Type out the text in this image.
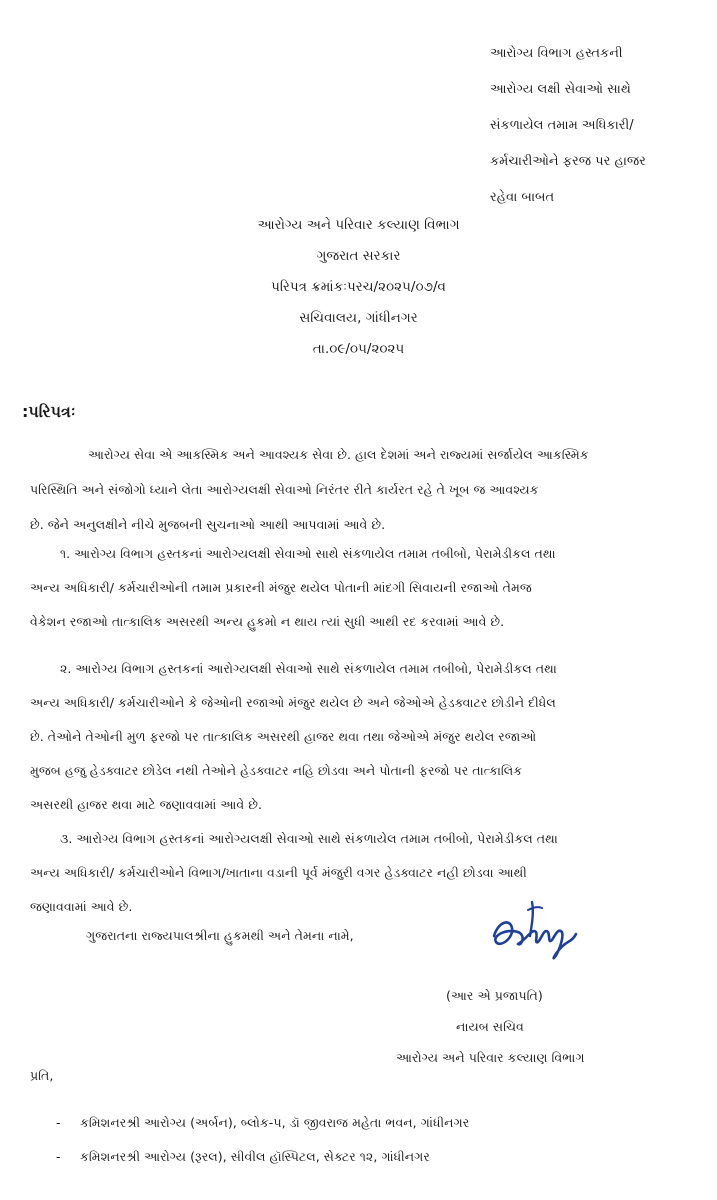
આરોગ્ય વિભાગ હસ્તકની
આરોગ્ય લક્ષી સેવાઓ સાથે
સંકળાયેલ તમામ અધિકારી/
કર્મચારીઓને ફરજ પર હાજર
રહેવા બાબત
આરોગ્ય અને પરિવાર કલ્યાણ વિભાગ
ગુજરાત સરકાર
પરિપત્ર ક્રમાંકઃપરચ/૨૦૨૫/૦૭/વ
સચિવાલય, ગાંધીનગર
તા.૦૯/૦૫/૨૦૨૫
:પરિપત્રઃ
આરોગ્ય સેવા એ આકસ્મિક અને આવશ્યક સેવા છે. હાલ દેશમાં અને રાજ્યમાં સર્જાયેલ આકસ્મિક
પરિસ્થિતિ અને સંજોગો ધ્યાને લેતા આરોગ્યલક્ષી સેવાઓ નિરંતર રીતે કાર્યરત રહે તે ખૂબ જ આવશ્યક
છે. જેને અનુલક્ષીને નીચે મુજબની સુચનાઓ આથી આપવામાં આવે છે.
૧. આરોગ્ય વિભાગ હસ્તકનાં આરોગ્યલક્ષી સેવાઓ સાથે સંકળાયેલ તમામ તબીબો, પેરામેડીકલ તથા
અન્ય અધિકારી/ કર્મચારીઓની તમામ પ્રકારની મંજુર થયેલ પોતાની માંદગી સિવાયની રજાઓ તેમજ
વેકેશન રજાઓ તાત્કાલિક અસરથી અન્ય હુકમો ન થાય ત્યાં સુધી આથી રદ કરવામાં આવે છે.
૨. આરોગ્ય વિભાગ હસ્તકનાં આરોગ્યલક્ષી સેવાઓ સાથે સંકળાયેલ તમામ તબીબો, પેરામેડીકલ તથા
અન્ય અધિકારી/ કર્મચારીઓને કે જેઓની રજાઓ મંજુર થયેલ છે અને જેઓએ હેડક્વાટર છોડીને દીધેલ
છે. તેઓને તેઓની મુળ ફરજો પર તાત્કાલિક અસરથી હાજર થવા તથા જેઓએ મંજુર થયેલ રજાઓ
મુજબ હજુ હેડક્વાટર છોડેલ નથી તેઓને હેડક્વાટર નહિ છોડવા અને પોતાની ફરજો પર તાત્કાલિક
અસરથી હાજર થવા માટે જણાવવામાં આવે છે.
૩. આરોગ્ય વિભાગ હસ્તકનાં આરોગ્યલક્ષી સેવાઓ સાથે સંકળાયેલ તમામ તબીબો, પેરામેડીકલ તથા
અન્ય અધિકારી/ કર્મચારીઓને વિભાગ/ખાતાના વડાની પૂર્વ મંજુરી વગર હેડક્વાટર નહી છોડવા આથી
જણાવવામાં આવે છે.
ગુજરાતના રાજ્યપાલશ્રીના હુકમથી અને તેમના નામે,
(આર એ પ્રજાપતિ)
નાયબ સચિવ
આરોગ્ય અને પરિવાર કલ્યાણ વિભાગ
પ્રતિ,
- કમિશનરશ્રી આરોગ્ય (અર્બન), બ્લોક-૫, ડૉ જીવરાજ મહેતા ભવન, ગાંધીનગર
- કમિશનરશ્રી આરોગ્ય (રૂરલ), સીવીલ હૉસ્પિટલ, સેક્ટર ૧૨, ગાંધીનગર
